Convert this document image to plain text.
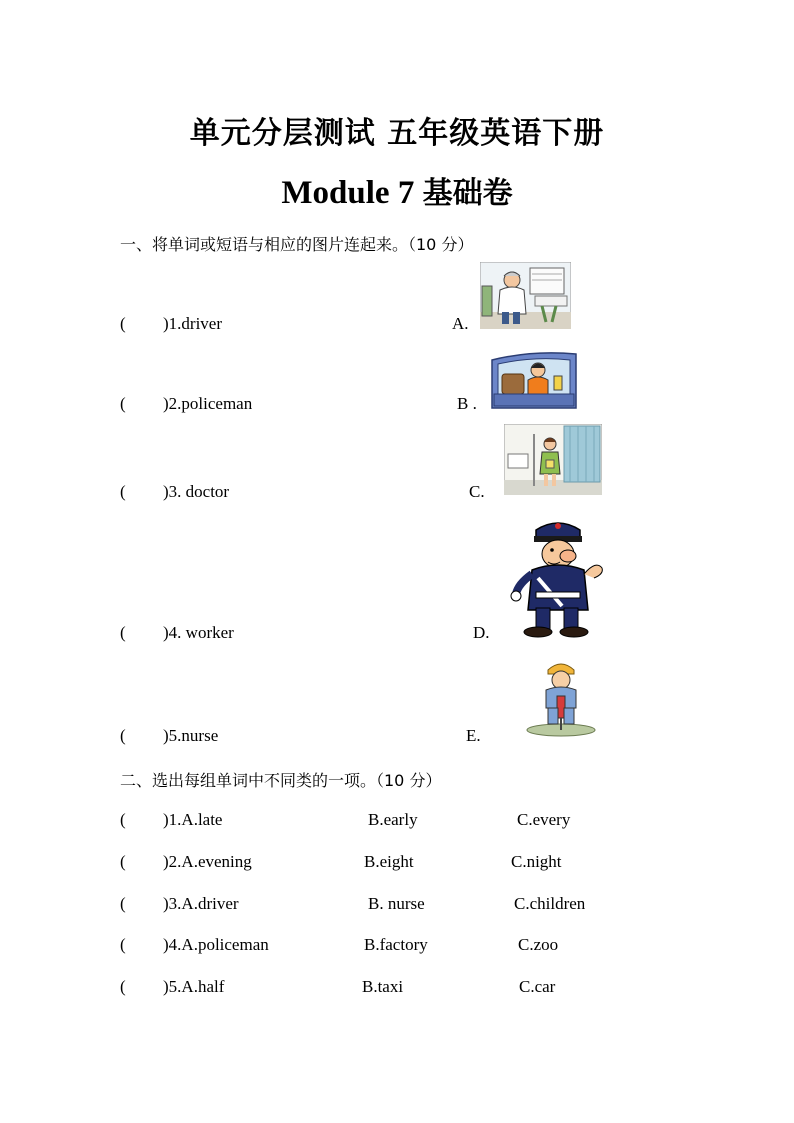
单元分层测试 五年级英语下册
Module 7 基础卷
一、将单词或短语与相应的图片连起来。（10 分）
( )1.driver	A.
( )2.policeman	B .
( )3. doctor	C.
( )4. worker	D.
( )5.nurse	E.
二、选出每组单词中不同类的一项。（10 分）
( )1.A.late	B.early	C.every
( )2.A.evening	B.eight	C.night
( )3.A.driver	B. nurse	C.children
( )4.A.policeman	B.factory	C.zoo
( )5.A.half	B.taxi	C.car
